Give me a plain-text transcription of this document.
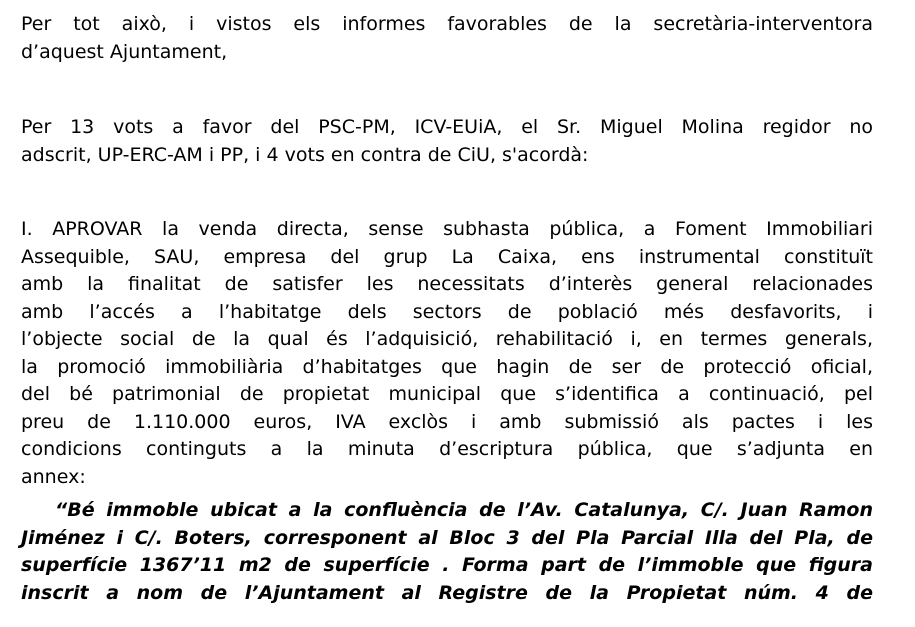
Per tot això, i vistos els informes favorables de la secretària-interventora
d’aquest Ajuntament,

Per 13 vots a favor del PSC-PM, ICV-EUiA, el Sr. Miguel Molina regidor no
adscrit, UP-ERC-AM i PP, i 4 vots en contra de CiU, s'acordà:

I. APROVAR la venda directa, sense subhasta pública, a Foment Immobiliari
Assequible, SAU, empresa del grup La Caixa, ens instrumental constituït
amb la finalitat de satisfer les necessitats d’interès general relacionades
amb l’accés a l’habitatge dels sectors de població més desfavorits, i
l’objecte social de la qual és l’adquisició, rehabilitació i, en termes generals,
la promoció immobiliària d’habitatges que hagin de ser de protecció oficial,
del bé patrimonial de propietat municipal que s’identifica a continuació, pel
preu de 1.110.000 euros, IVA exclòs i amb submissió als pactes i les
condicions continguts a la minuta d’escriptura pública, que s’adjunta en
annex:

“Bé immoble ubicat a la confluència de l’Av. Catalunya, C/. Juan Ramon
Jiménez i C/. Boters, corresponent al Bloc 3 del Pla Parcial Illa del Pla, de
superfície 1367’11 m2 de superfície . Forma part de l’immoble que figura
inscrit a nom de l’Ajuntament al Registre de la Propietat núm. 4 de
